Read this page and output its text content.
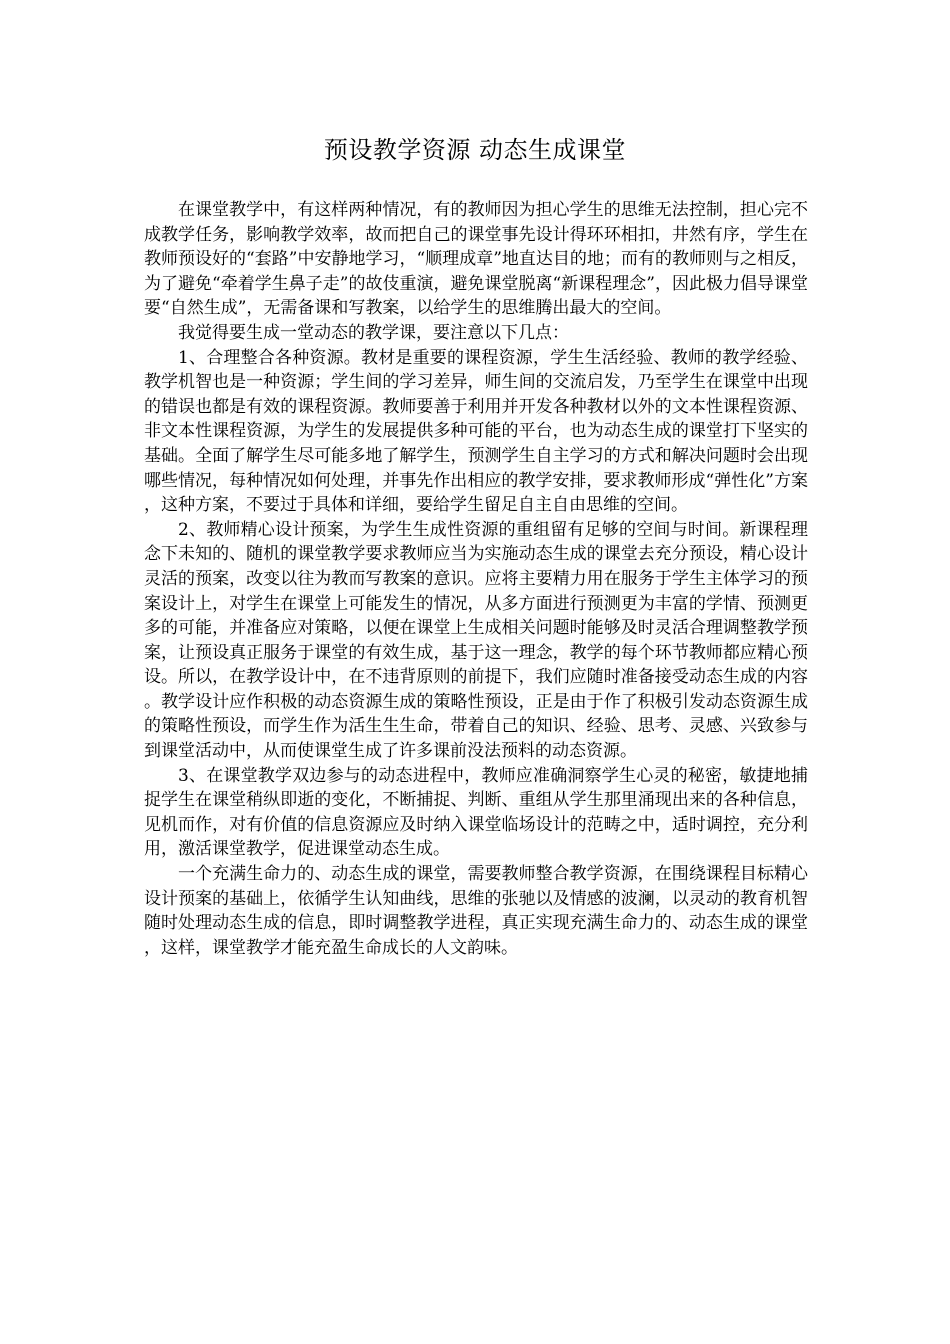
预设教学资源 动态生成课堂

在课堂教学中，有这样两种情况，有的教师因为担心学生的思维无法控制，担心完不成教学任务，影响教学效率，故而把自己的课堂事先设计得环环相扣，井然有序，学生在教师预设好的“套路”中安静地学习，“顺理成章”地直达目的地；而有的教师则与之相反，为了避免“牵着学生鼻子走”的故伎重演，避免课堂脱离“新课程理念”，因此极力倡导课堂要“自然生成”，无需备课和写教案，以给学生的思维腾出最大的空间。

我觉得要生成一堂动态的教学课，要注意以下几点：

1、合理整合各种资源。教材是重要的课程资源，学生生活经验、教师的教学经验、教学机智也是一种资源；学生间的学习差异，师生间的交流启发，乃至学生在课堂中出现的错误也都是有效的课程资源。教师要善于利用并开发各种教材以外的文本性课程资源、非文本性课程资源，为学生的发展提供多种可能的平台，也为动态生成的课堂打下坚实的基础。全面了解学生尽可能多地了解学生，预测学生自主学习的方式和解决问题时会出现哪些情况，每种情况如何处理，并事先作出相应的教学安排，要求教师形成“弹性化”方案，这种方案，不要过于具体和详细，要给学生留足自主自由思维的空间。

2、教师精心设计预案，为学生生成性资源的重组留有足够的空间与时间。新课程理念下未知的、随机的课堂教学要求教师应当为实施动态生成的课堂去充分预设，精心设计灵活的预案，改变以往为教而写教案的意识。应将主要精力用在服务于学生主体学习的预案设计上，对学生在课堂上可能发生的情况，从多方面进行预测更为丰富的学情、预测更多的可能，并准备应对策略，以便在课堂上生成相关问题时能够及时灵活合理调整教学预案，让预设真正服务于课堂的有效生成，基于这一理念，教学的每个环节教师都应精心预设。所以，在教学设计中，在不违背原则的前提下，我们应随时准备接受动态生成的内容。教学设计应作积极的动态资源生成的策略性预设，正是由于作了积极引发动态资源生成的策略性预设，而学生作为活生生生命，带着自己的知识、经验、思考、灵感、兴致参与到课堂活动中，从而使课堂生成了许多课前没法预料的动态资源。

3、在课堂教学双边参与的动态进程中，教师应准确洞察学生心灵的秘密，敏捷地捕捉学生在课堂稍纵即逝的变化，不断捕捉、判断、重组从学生那里涌现出来的各种信息，见机而作，对有价值的信息资源应及时纳入课堂临场设计的范畴之中，适时调控，充分利用，激活课堂教学，促进课堂动态生成。

一个充满生命力的、动态生成的课堂，需要教师整合教学资源，在围绕课程目标精心设计预案的基础上，依循学生认知曲线，思维的张驰以及情感的波澜，以灵动的教育机智随时处理动态生成的信息，即时调整教学进程，真正实现充满生命力的、动态生成的课堂，这样，课堂教学才能充盈生命成长的人文韵味。
